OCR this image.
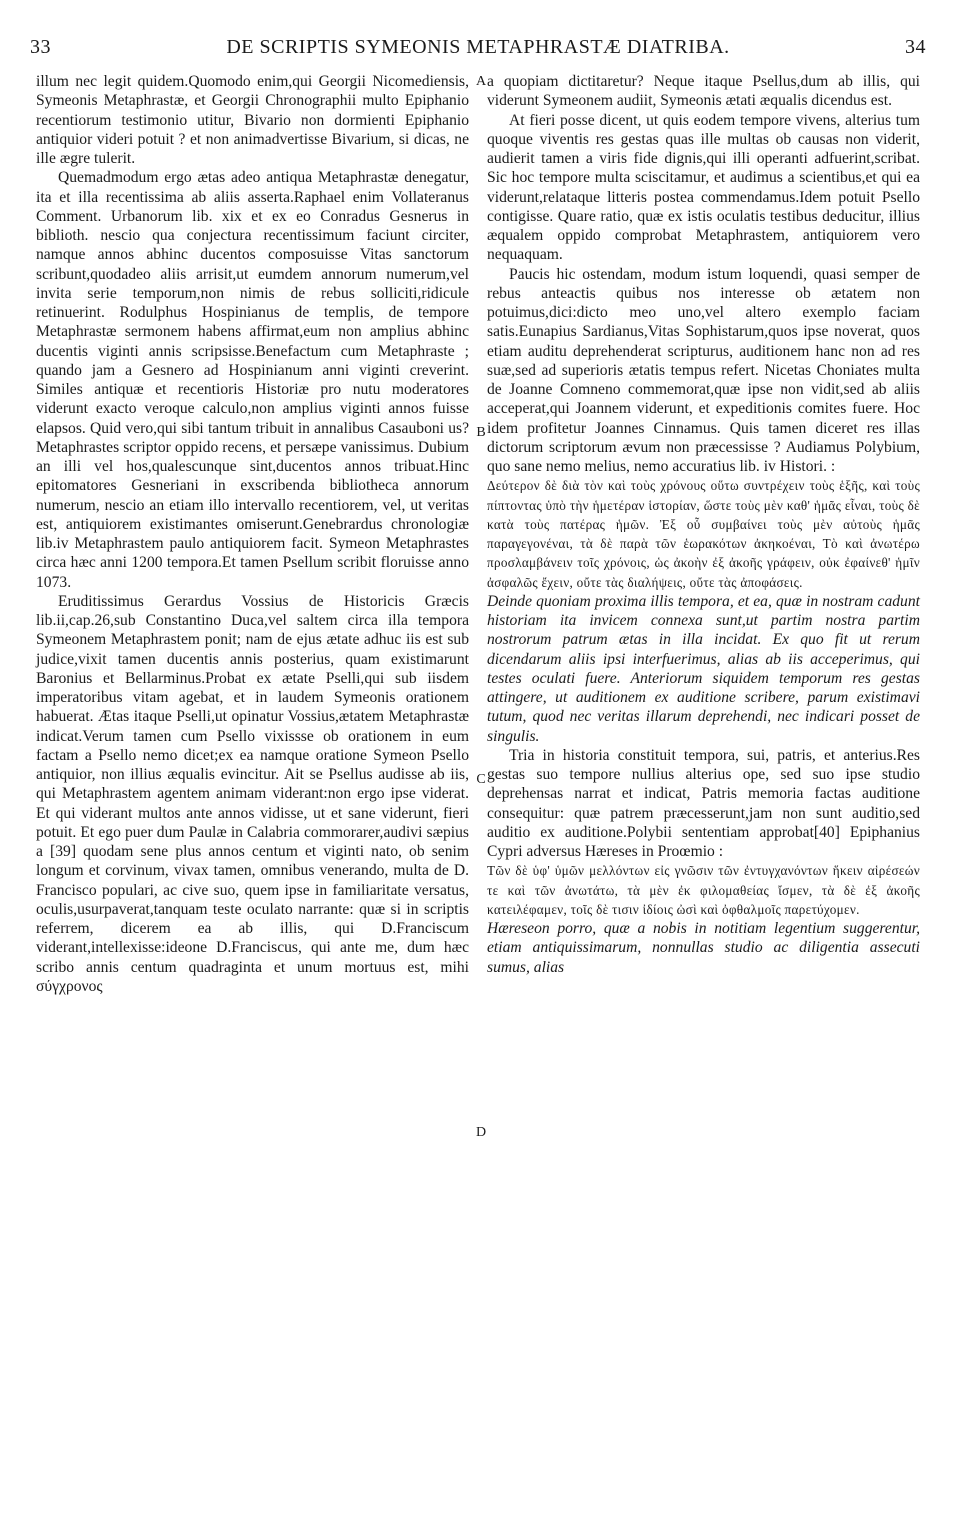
33	DE SCRIPTIS SYMEONIS METAPHRASTÆ DIATRIBA.	34
A
B
C
D

illum nec legit quidem.Quomodo enim,qui Georgii Nicomediensis, Symeonis Metaphrastæ, et Georgii Chronographii multo Epiphanio recentiorum testimonio utitur, Bivario non dormienti Epiphanio antiquior videri potuit ? et non animadvertisse Bivarium, si dicas, ne ille ægre tulerit.

Quemadmodum ergo ætas adeo antiqua Metaphrastæ denegatur, ita et illa recentissima ab aliis asserta.Raphael enim Vollateranus Comment. Urbanorum lib. xix et ex eo Conradus Gesnerus in biblioth. nescio qua conjectura recentissimum faciunt circiter, namque annos abhinc ducentos composuisse Vitas sanctorum scribunt,quodadeo aliis arrisit,ut eumdem annorum numerum,vel invita serie temporum,non nimis de rebus solliciti,ridicule retinuerint. Rodulphus Hospinianus de templis, de tempore Metaphrastæ sermonem habens affirmat,eum non amplius abhinc ducentis viginti annis scripsisse.Benefactum cum Metaphraste ; quando jam a Gesnero ad Hospinianum anni viginti creverint. Similes antiquæ et recentioris Historiæ pro nutu moderatores viderunt exacto veroque calculo,non amplius viginti annos fuisse elapsos. Quid vero,qui sibi tantum tribuit in annalibus Casauboni us? Metaphrastes scriptor oppido recens, et persæpe vanissimus. Dubium an illi vel hos,qualescunque sint,ducentos annos tribuat.Hinc epitomatores Gesneriani in exscribenda bibliotheca annorum numerum, nescio an etiam illo intervallo recentiorem, vel, ut veritas est, antiquiorem existimantes omiserunt.Genebrardus chronologiæ lib.iv Metaphrastem paulo antiquiorem facit. Symeon Metaphrastes circa hæc anni 1200 tempora.Et tamen Psellum scribit floruisse anno 1073.

Eruditissimus Gerardus Vossius de Historicis Græcis lib.ii,cap.26,sub Constantino Duca,vel saltem circa illa tempora Symeonem Metaphrastem ponit; nam de ejus ætate adhuc iis est sub judice,vixit tamen ducentis annis posterius, quam existimarunt Baronius et Bellarminus.Probat ex ætate Pselli,qui sub iisdem imperatoribus vitam agebat, et in laudem Symeonis orationem habuerat. Ætas itaque Pselli,ut opinatur Vossius,ætatem Metaphrastæ indicat.Verum tamen cum Psello vixissse ob orationem in eum factam a Psello nemo dicet;ex ea namque oratione Symeon Psello antiquior, non illius æqualis evincitur. Ait se Psellus audisse ab iis, qui Metaphrastem agentem animam viderant:non ergo ipse viderat. Et qui viderant multos ante annos vidisse, ut et sane viderunt, fieri potuit. Et ego puer dum Paulæ in Calabria commorarer,audivi sæpius a [39] quodam sene plus annos centum et viginti nato, ob senim longum et corvinum, vivax tamen, omnibus venerando, multa de D. Francisco populari, ac cive suo, quem ipse in familiaritate versatus, oculis,usurpaverat,tanquam teste oculato narrante: quæ si in scriptis referrem, dicerem ea ab illis, qui D.Franciscum viderant,intellexisse:ideone D.Franciscus, qui ante me, dum hæc scribo annis centum quadraginta et unum mortuus est, mihi σύγχρονος

a quopiam dictitaretur? Neque itaque Psellus,dum ab illis, qui viderunt Symeonem audiit, Symeonis ætati æqualis dicendus est.

At fieri posse dicent, ut quis eodem tempore vivens, alterius tum quoque viventis res gestas quas ille multas ob causas non viderit, audierit tamen a viris fide dignis,qui illi operanti adfuerint,scribat. Sic hoc tempore multa sciscitamur, et audimus a scientibus,et qui ea viderunt,relataque litteris postea commendamus.Idem potuit Psello contigisse. Quare ratio, quæ ex istis oculatis testibus deducitur, illius æqualem oppido comprobat Metaphrastem, antiquiorem vero nequaquam.

Paucis hic ostendam, modum istum loquendi, quasi semper de rebus anteactis quibus nos interesse ob ætatem non potuimus,dici:dicto meo uno,vel altero exemplo faciam satis.Eunapius Sardianus,Vitas Sophistarum,quos ipse noverat, quos etiam auditu deprehenderat scripturus, auditionem hanc non ad res suæ,sed ad superioris ætatis tempus refert. Nicetas Choniates multa de Joanne Comneno commemorat,quæ ipse non vidit,sed ab aliis acceperat,qui Joannem viderunt, et expeditionis comites fuere. Hoc idem profitetur Joannes Cinnamus. Quis tamen diceret res illas dictorum scriptorum ævum non præcessisse ? Audiamus Polybium, quo sane nemo melius, nemo accuratius lib. iv Histori. :

Δεύτερον δὲ διὰ τὸν καὶ τοὺς χρόνους οὕτω συντρέχειν τοὺς ἑξῆς, καὶ τοὺς πίπτοντας ὑπὸ τὴν ἡμετέραν ἱστορίαν, ὥστε τοὺς μὲν καθ' ἡμᾶς εἶναι, τοὺς δὲ κατὰ τοὺς πατέρας ἡμῶν. Ἐξ οὗ συμβαίνει τοὺς μὲν αὐτοὺς ἡμᾶς παραγεγονέναι, τὰ δὲ παρὰ τῶν ἑωρακότων ἀκηκοέναι, Τὸ καὶ ἀνωτέρω προσλαμβάνειν τοῖς χρόνοις, ὡς ἀκοὴν ἐξ ἀκοῆς γράφειν, οὐκ ἐφαίνεθ' ἡμῖν ἀσφαλῶς ἔχειν, οὔτε τὰς διαλήψεις, οὔτε τὰς ἀποφάσεις.

Deinde quoniam proxima illis tempora, et ea, quæ in nostram cadunt historiam ita invicem connexa sunt,ut partim nostra partim nostrorum patrum ætas in illa incidat. Ex quo fit ut rerum dicendarum aliis ipsi interfuerimus, alias ab iis acceperimus, qui testes oculati fuere. Anteriorum siquidem temporum res gestas attingere, ut auditionem ex auditione scribere, parum existimavi tutum, quod nec veritas illarum deprehendi, nec indicari posset de singulis.

Tria in historia constituit tempora, sui, patris, et anterius.Res gestas suo tempore nullius alterius ope, sed suo ipse studio deprehensas narrat et indicat, Patris memoria factas auditione consequitur: quæ patrem præcesserunt,jam non sunt auditio,sed auditio ex auditione.Polybii sententiam approbat[40] Epiphanius Cypri adversus Hæreses in Proœmio :

Τῶν δὲ ὑφ' ὑμῶν μελλόντων εἰς γνῶσιν τῶν ἐντυγχανόντων ἥκειν αἱρέσεών τε καὶ τῶν ἀνωτάτω, τὰ μὲν ἐκ φιλομαθείας ἴσμεν, τὰ δὲ ἐξ ἀκοῆς κατειλέφαμεν, τοῖς δὲ τισιν ἰδίοις ὠσὶ καὶ ὀφθαλμοῖς παρετύχομεν.

Hæreseon porro, quæ a nobis in notitiam legentium suggerentur, etiam antiquissimarum, nonnullas studio ac diligentia assecuti sumus, alias
